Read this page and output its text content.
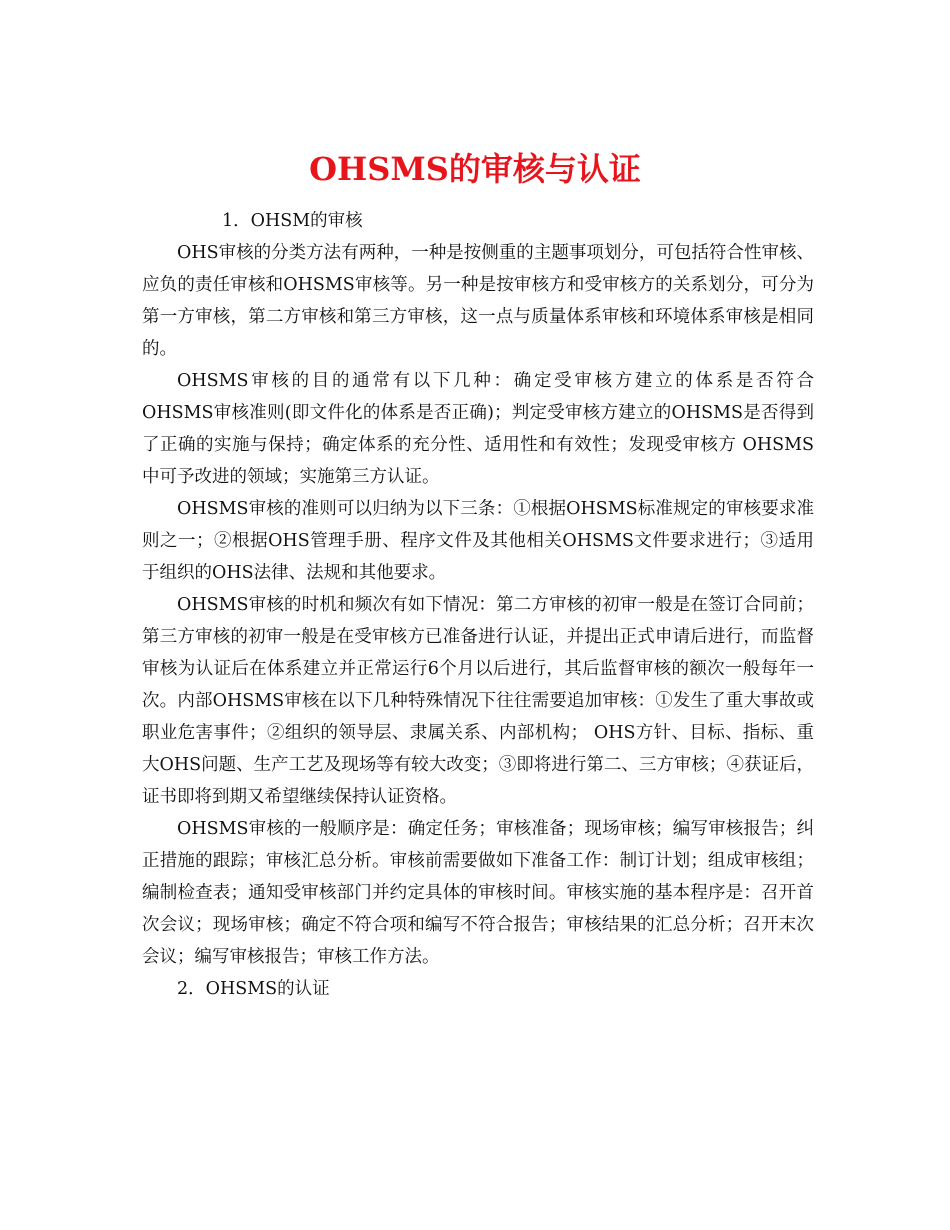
OHSMS的审核与认证

1．OHSM的审核

OHS审核的分类方法有两种，一种是按侧重的主题事项划分，可包括符合性审核、应负的责任审核和OHSMS审核等。另一种是按审核方和受审核方的关系划分，可分为第一方审核，第二方审核和第三方审核，这一点与质量体系审核和环境体系审核是相同的。

OHSMS审核的目的通常有以下几种：确定受审核方建立的体系是否符合 OHSMS审核准则(即文件化的体系是否正确)；判定受审核方建立的OHSMS是否得到了正确的实施与保持；确定体系的充分性、适用性和有效性；发现受审核方 OHSMS中可予改进的领域；实施第三方认证。

OHSMS审核的准则可以归纳为以下三条：①根据OHSMS标准规定的审核要求准则之一；②根据OHS管理手册、程序文件及其他相关OHSMS文件要求进行；③适用于组织的OHS法律、法规和其他要求。

OHSMS审核的时机和频次有如下情况：第二方审核的初审一般是在签订合同前；第三方审核的初审一般是在受审核方已准备进行认证，并提出正式申请后进行，而监督审核为认证后在体系建立并正常运行6个月以后进行，其后监督审核的额次一般每年一次。内部OHSMS审核在以下几种特殊情况下往往需要追加审核：①发生了重大事故或职业危害事件；②组织的领导层、隶属关系、内部机构； OHS方针、目标、指标、重大OHS问题、生产工艺及现场等有较大改变；③即将进行第二、三方审核；④获证后，证书即将到期又希望继续保持认证资格。

OHSMS审核的一般顺序是：确定任务；审核准备；现场审核；编写审核报告；纠正措施的跟踪；审核汇总分析。审核前需要做如下准备工作：制订计划；组成审核组；编制检查表；通知受审核部门并约定具体的审核时间。审核实施的基本程序是：召开首次会议；现场审核；确定不符合项和编写不符合报告；审核结果的汇总分析；召开末次会议；编写审核报告；审核工作方法。

2．OHSMS的认证
